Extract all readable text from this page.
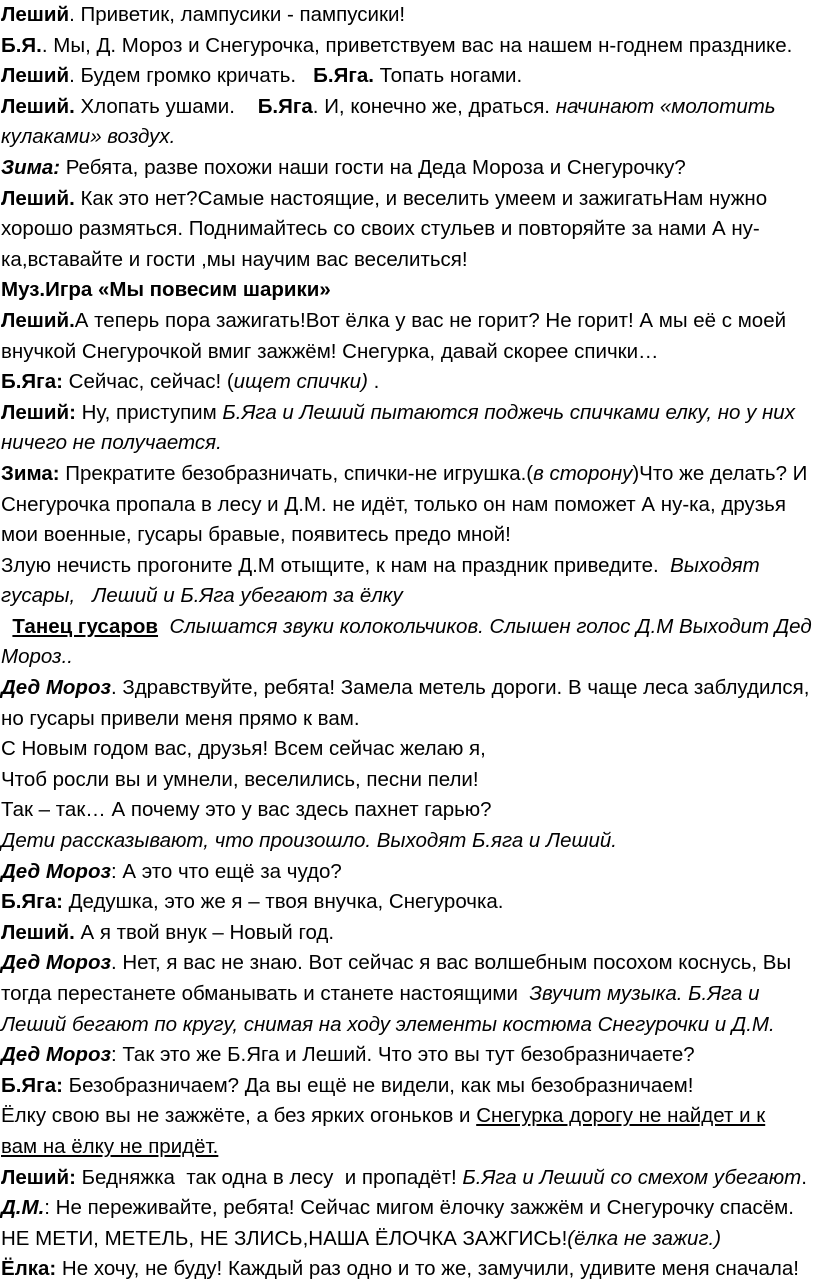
Леший. Приветик, лампусики - пампусики!

Б.Я.. Мы, Д. Мороз и Снегурочка, приветствуем вас на нашем н-годнем празднике.

Леший. Будем громко кричать.   Б.Яга. Топать ногами.

Леший. Хлопать ушами.    Б.Яга. И, конечно же, драться. начинают «молотить

кулаками» воздух.

Зима: Ребята, разве похожи наши гости на Деда Мороза и Снегурочку?

Леший. Как это нет?Самые настоящие, и веселить умеем и зажигатьНам нужно

хорошо размяться. Поднимайтесь со своих стульев и повторяйте за нами А ну-

ка,вставайте и гости ,мы научим вас веселиться!

Муз.Игра «Мы повесим шарики»

Леший.А теперь пора зажигать!Вот ёлка у вас не горит? Не горит! А мы её с моей

внучкой Снегурочкой вмиг зажжём! Снегурка, давай скорее спички…

Б.Яга: Сейчас, сейчас! (ищет спички) .

Леший: Ну, приступим Б.Яга и Леший пытаются поджечь спичками елку, но у них

ничего не получается.

Зима: Прекратите безобразничать, спички-не игрушка.(в сторону)Что же делать? И

Снегурочка пропала в лесу и Д.М. не идёт, только он нам поможет А ну-ка, друзья

мои военные, гусары бравые, появитесь предо мной!

Злую нечисть прогоните Д.М отыщите, к нам на праздник приведите.  Выходят

гусары,   Леший и Б.Яга убегают за ёлку

Танец гусаров Слышатся звуки колокольчиков. Слышен голос Д.М Выходит Дед

Мороз..

Дед Мороз. Здравствуйте, ребята! Замела метель дороги. В чаще леса заблудился,

но гусары привели меня прямо к вам.

С Новым годом вас, друзья! Всем сейчас желаю я,

Чтоб росли вы и умнели, веселились, песни пели!

Так – так… А почему это у вас здесь пахнет гарью?

Дети рассказывают, что произошло. Выходят Б.яга и Леший.

Дед Мороз: А это что ещё за чудо?

Б.Яга: Дедушка, это же я – твоя внучка, Снегурочка.

Леший. А я твой внук – Новый год.

Дед Мороз. Нет, я вас не знаю. Вот сейчас я вас волшебным посохом коснусь, Вы

тогда перестанете обманывать и станете настоящими  Звучит музыка. Б.Яга и

Леший бегают по кругу, снимая на ходу элементы костюма Снегурочки и Д.М.

Дед Мороз: Так это же Б.Яга и Леший. Что это вы тут безобразничаете?

Б.Яга: Безобразничаем? Да вы ещё не видели, как мы безобразничаем!

Ёлку свою вы не зажжёте, а без ярких огоньков и Снегурка дорогу не найдет и к

вам на ёлку не придёт.

Леший: Бедняжка  так одна в лесу  и пропадёт! Б.Яга и Леший со смехом убегают.

Д.М.: Не переживайте, ребята! Сейчас мигом ёлочку зажжём и Снегурочку спасём.

НЕ МЕТИ, МЕТЕЛЬ, НЕ ЗЛИСЬ,НАША ЁЛОЧКА ЗАЖГИСЬ!(ёлка не зажиг.)

Ёлка: Не хочу, не буду! Каждый раз одно и то же, замучили, удивите меня сначала!
